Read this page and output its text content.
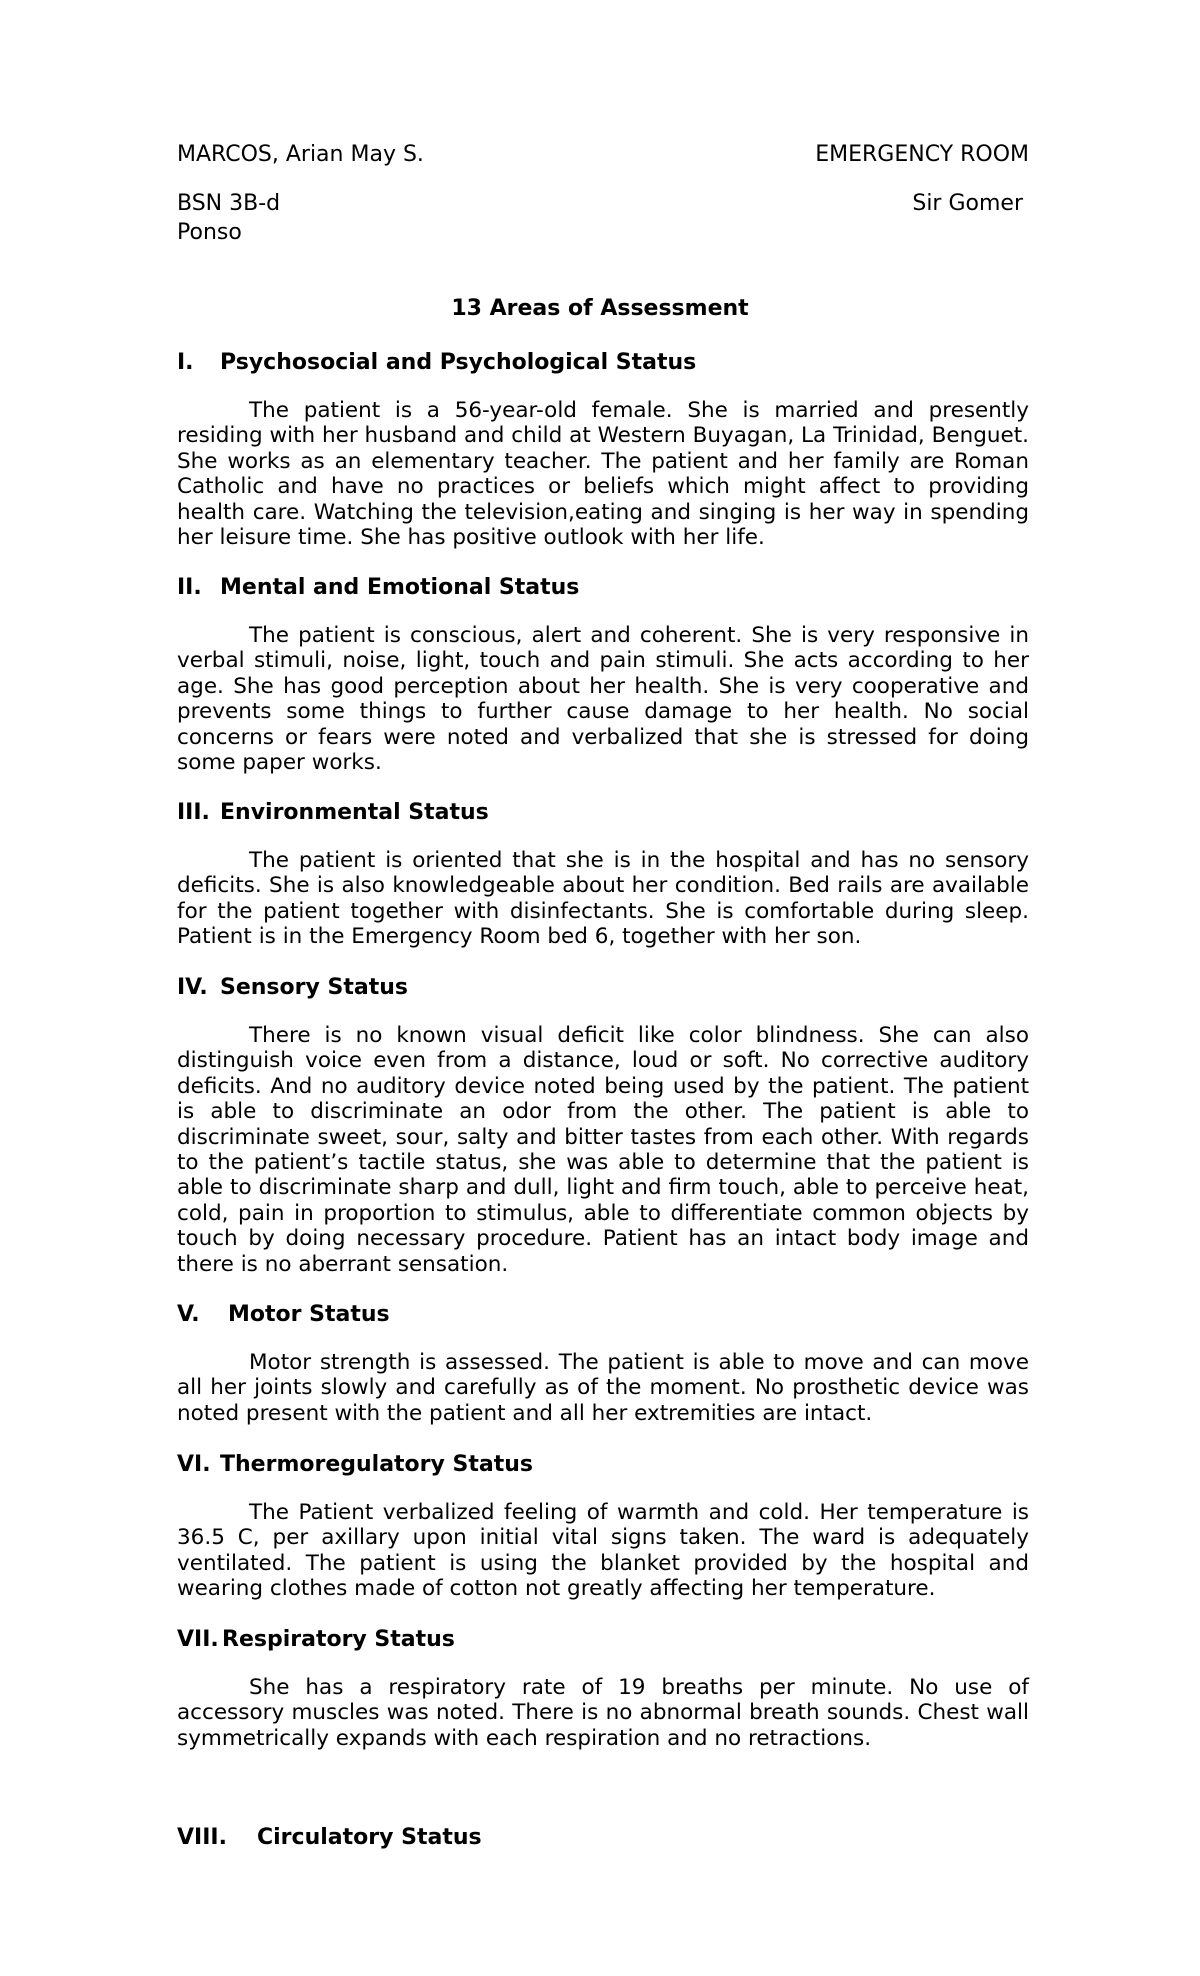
MARCOS, Arian May S.	EMERGENCY ROOM
BSN 3B-d	Sir Gomer
Ponso
13 Areas of Assessment
I. Psychosocial and Psychological Status

The patient is a 56-year-old female. She is married and presently residing with her husband and child at Western Buyagan, La Trinidad, Benguet. She works as an elementary teacher. The patient and her family are Roman Catholic and have no practices or beliefs which might affect to providing health care. Watching the television,eating and singing is her way in spending her leisure time. She has positive outlook with her life.

II. Mental and Emotional Status

The patient is conscious, alert and coherent. She is very responsive in verbal stimuli, noise, light, touch and pain stimuli. She acts according to her age. She has good perception about her health. She is very cooperative and prevents some things to further cause damage to her health. No social concerns or fears were noted and verbalized that she is stressed for doing some paper works.

III. Environmental Status

The patient is oriented that she is in the hospital and has no sensory deficits. She is also knowledgeable about her condition. Bed rails are available for the patient together with disinfectants. She is comfortable during sleep. Patient is in the Emergency Room bed 6, together with her son.

IV. Sensory Status

There is no known visual deficit like color blindness. She can also distinguish voice even from a distance, loud or soft. No corrective auditory deficits. And no auditory device noted being used by the patient. The patient is able to discriminate an odor from the other. The patient is able to discriminate sweet, sour, salty and bitter tastes from each other. With regards to the patient’s tactile status, she was able to determine that the patient is able to discriminate sharp and dull, light and firm touch, able to perceive heat, cold, pain in proportion to stimulus, able to differentiate common objects by touch by doing necessary procedure. Patient has an intact body image and there is no aberrant sensation.

V. Motor Status

Motor strength is assessed. The patient is able to move and can move all her joints slowly and carefully as of the moment. No prosthetic device was noted present with the patient and all her extremities are intact.

VI. Thermoregulatory Status

The Patient verbalized feeling of warmth and cold. Her temperature is 36.5 C, per axillary upon initial vital signs taken. The ward is adequately ventilated. The patient is using the blanket provided by the hospital and wearing clothes made of cotton not greatly affecting her temperature.

VII. Respiratory Status

She has a respiratory rate of 19 breaths per minute. No use of accessory muscles was noted. There is no abnormal breath sounds. Chest wall symmetrically expands with each respiration and no retractions.

VIII. Circulatory Status
